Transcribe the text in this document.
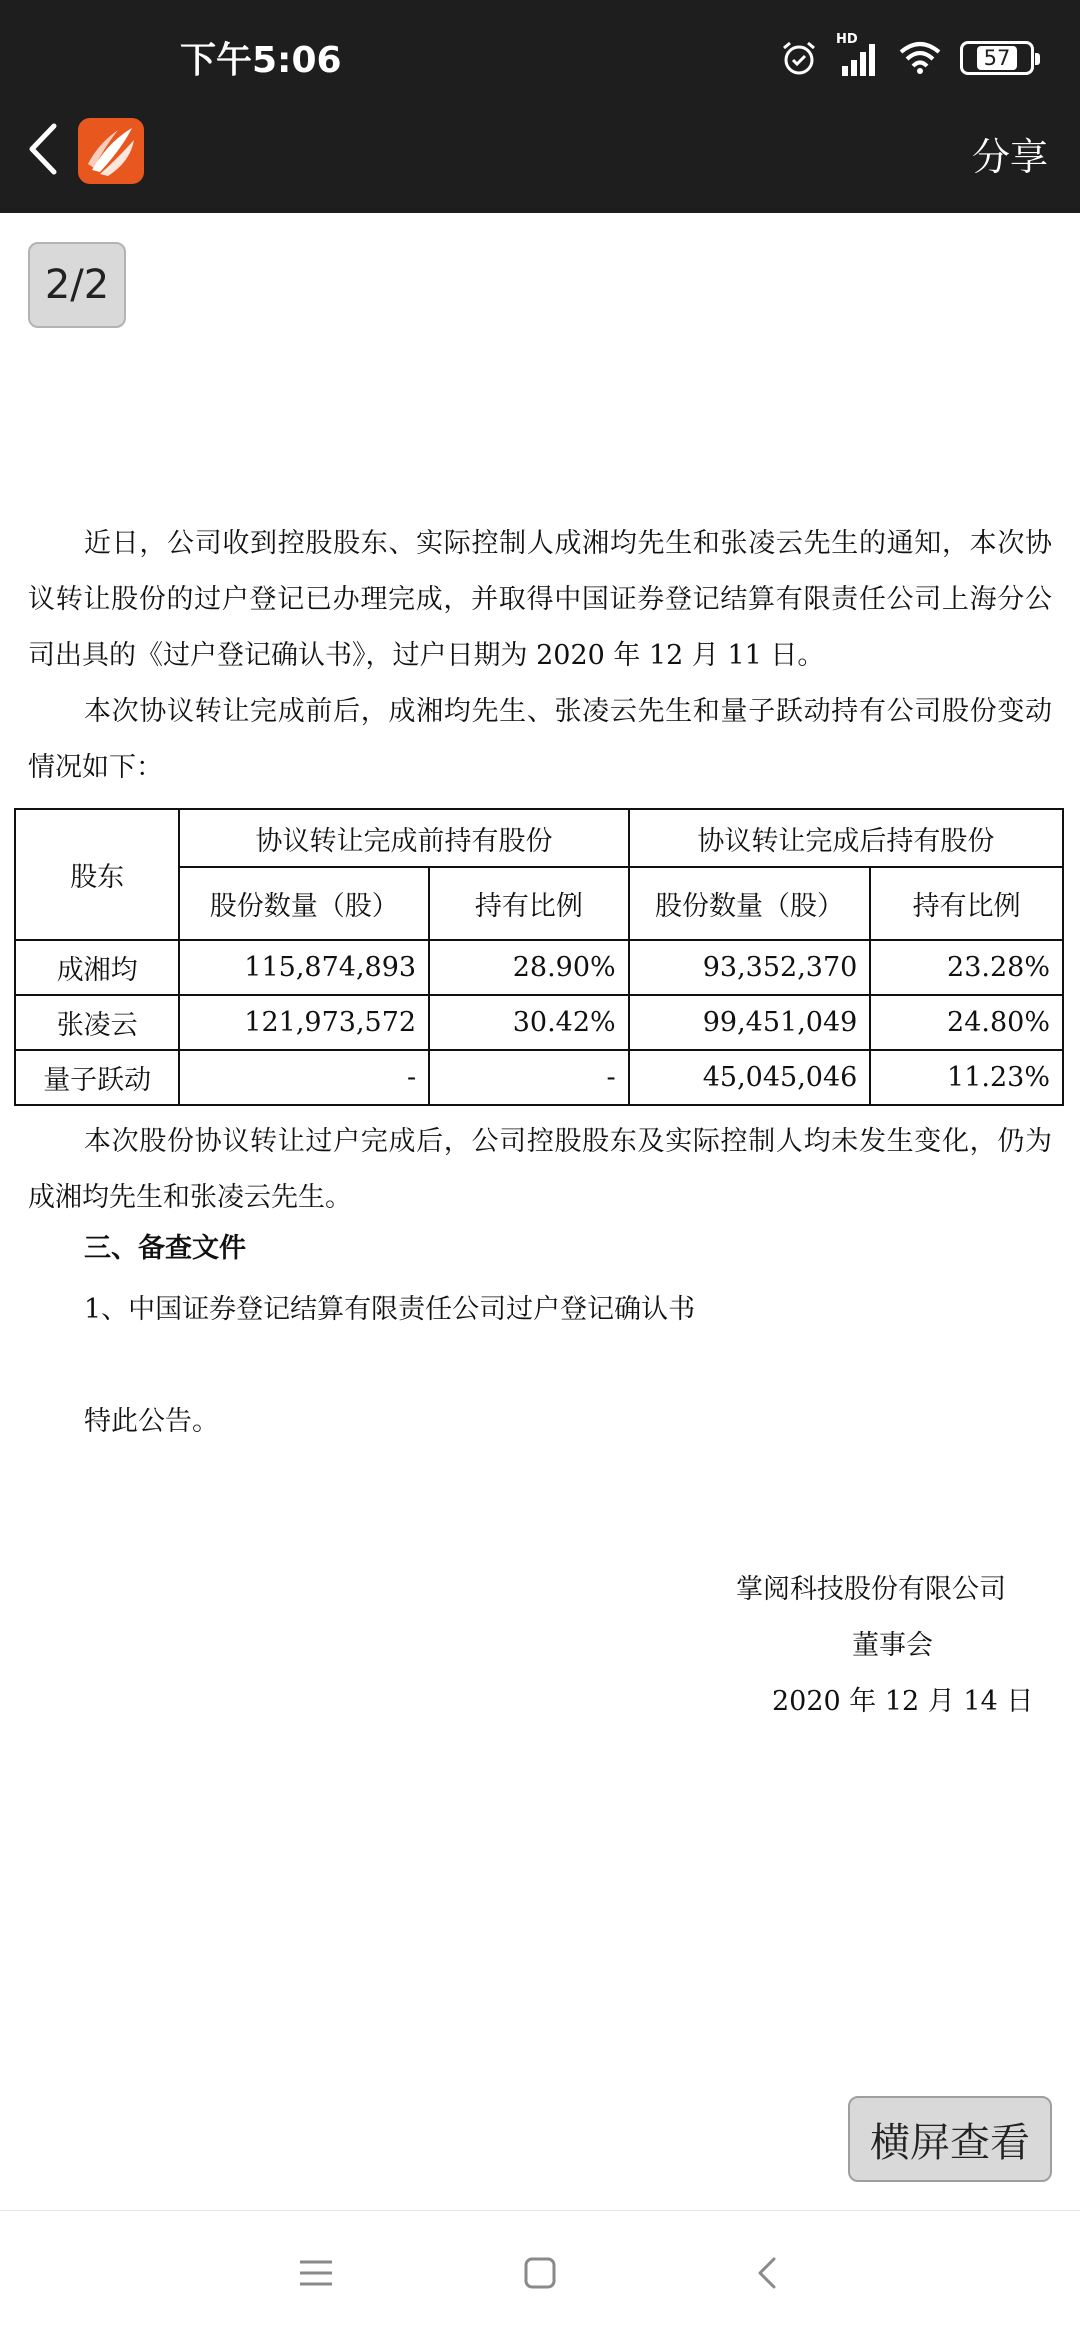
下午5:06
HD
57
分享
2/2

近日，公司收到控股股东、实际控制人成湘均先生和张凌云先生的通知，本次协议转让股份的过户登记已办理完成，并取得中国证券登记结算有限责任公司上海分公司出具的《过户登记确认书》，过户日期为 2020 年 12 月 11 日。

本次协议转让完成前后，成湘均先生、张凌云先生和量子跃动持有公司股份变动情况如下：

股东	协议转让完成前持有股份		协议转让完成后持有股份	
	股份数量（股）	持有比例	股份数量（股）	持有比例
成湘均	115,874,893	28.90%	93,352,370	23.28%
张凌云	121,973,572	30.42%	99,451,049	24.80%
量子跃动	-	-	45,045,046	11.23%

本次股份协议转让过户完成后，公司控股股东及实际控制人均未发生变化，仍为成湘均先生和张凌云先生。

三、备查文件
1、中国证券登记结算有限责任公司过户登记确认书
特此公告。
掌阅科技股份有限公司
董事会
2020 年 12 月 14 日
横屏查看
